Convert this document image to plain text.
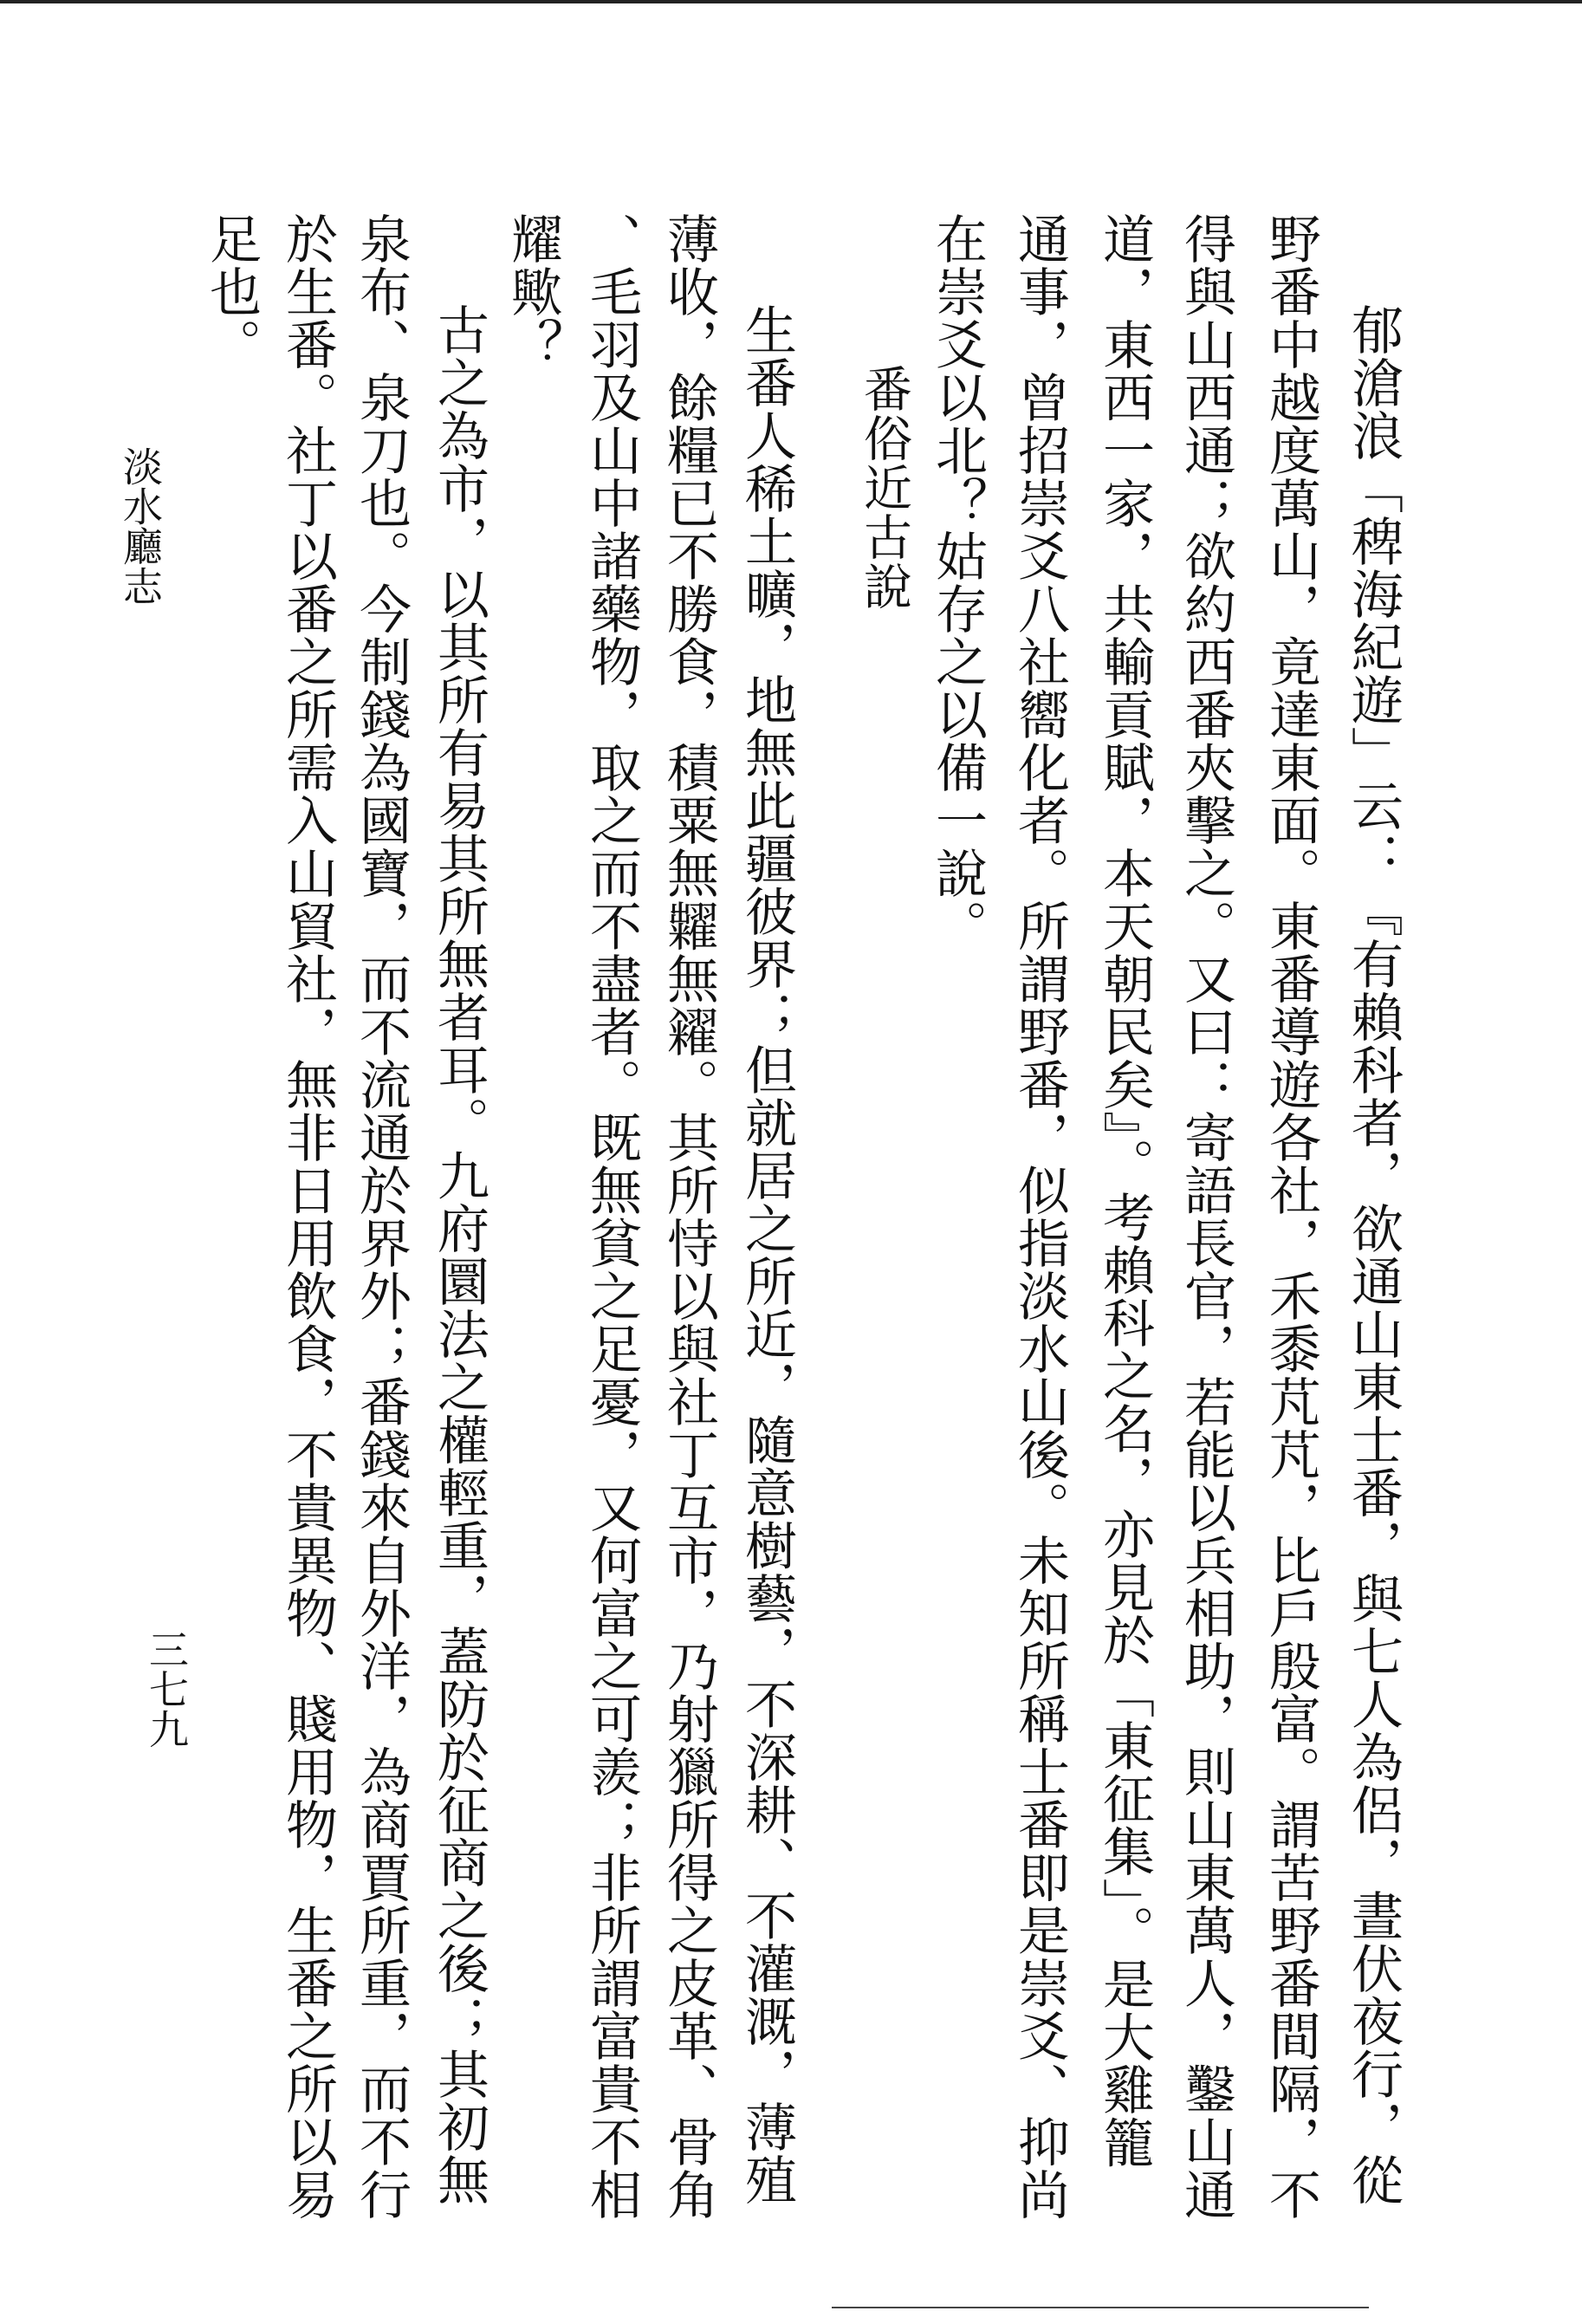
郁滄浪「稗海紀遊」云：『有賴科者，欲通山東士番，與七人為侶，晝伏夜行，從
野番中越度萬山，竟達東面。東番導遊各社，禾黍芃芃，比戶殷富。謂苦野番間隔，不
得與山西通；欲約西番夾擊之。又曰：寄語長官，若能以兵相助，則山東萬人，鑿山通
道，東西一家，共輸貢賦，本天朝民矣』。考賴科之名，亦見於「東征集」。是大雞籠
通事，曾招崇爻八社嚮化者。所謂野番，似指淡水山後。未知所稱士番即是崇爻、抑尚
在崇爻以北？姑存之以備一說。
番俗近古說
生番人稀土曠，地無此疆彼界；但就居之所近，隨意樹藝，不深耕、不灌溉，薄殖
薄收，餘糧已不勝食，積粟無糶無糴。其所恃以與社丁互市，乃射獵所得之皮革、骨角
、毛羽及山中諸藥物，取之而不盡者。既無貧之足憂，又何富之可羨；非所謂富貴不相
耀歟？
古之為市，以其所有易其所無者耳。九府圜法之權輕重，蓋防於征商之後；其初無
泉布、泉刀也。今制錢為國寶，而不流通於界外；番錢來自外洋，為商賈所重，而不行
於生番。社丁以番之所需入山貿社，無非日用飲食，不貴異物、賤用物，生番之所以易
足也。
淡水廳志
三七九
